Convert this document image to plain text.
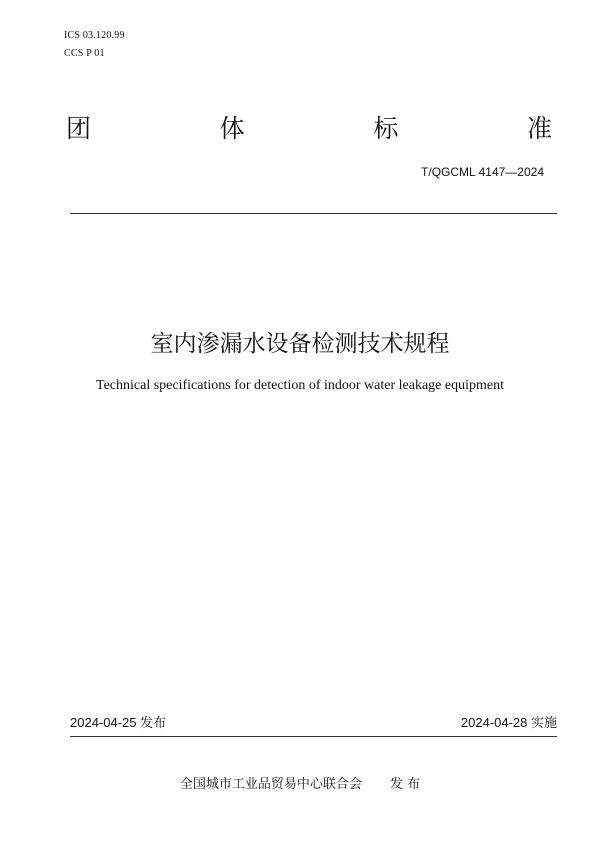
ICS 03.120.99
CCS P 01
团	体	标	准
T/QGCML 4147—2024
室内渗漏水设备检测技术规程
Technical specifications for detection of indoor water leakage equipment
2024-04-25 发布	2024-04-28 实施
全国城市工业品贸易中心联合会 发 布
